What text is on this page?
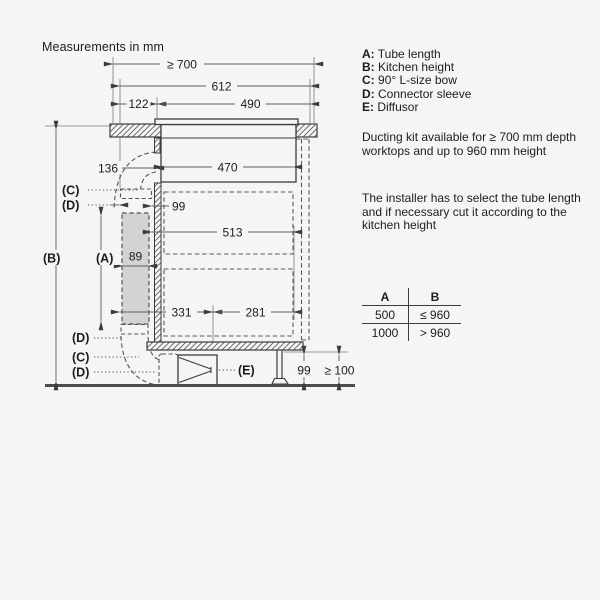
Measurements in mm
≥ 700
612
122	490
136	470
99
513
89
331	281
99 ≥ 100
(B)	(A)
(C)
(D)
(D)
(C)
(D)	(E)
A: Tube length
B: Kitchen height
C: 90° L-size bow
D: Connector sleeve
E: Diffusor
Ducting kit available for ≥ 700 mm depth worktops and up to 960 mm height
The installer has to select the tube length and if necessary cut it according to the kitchen height
A	B
500	≤ 960
1000	> 960
